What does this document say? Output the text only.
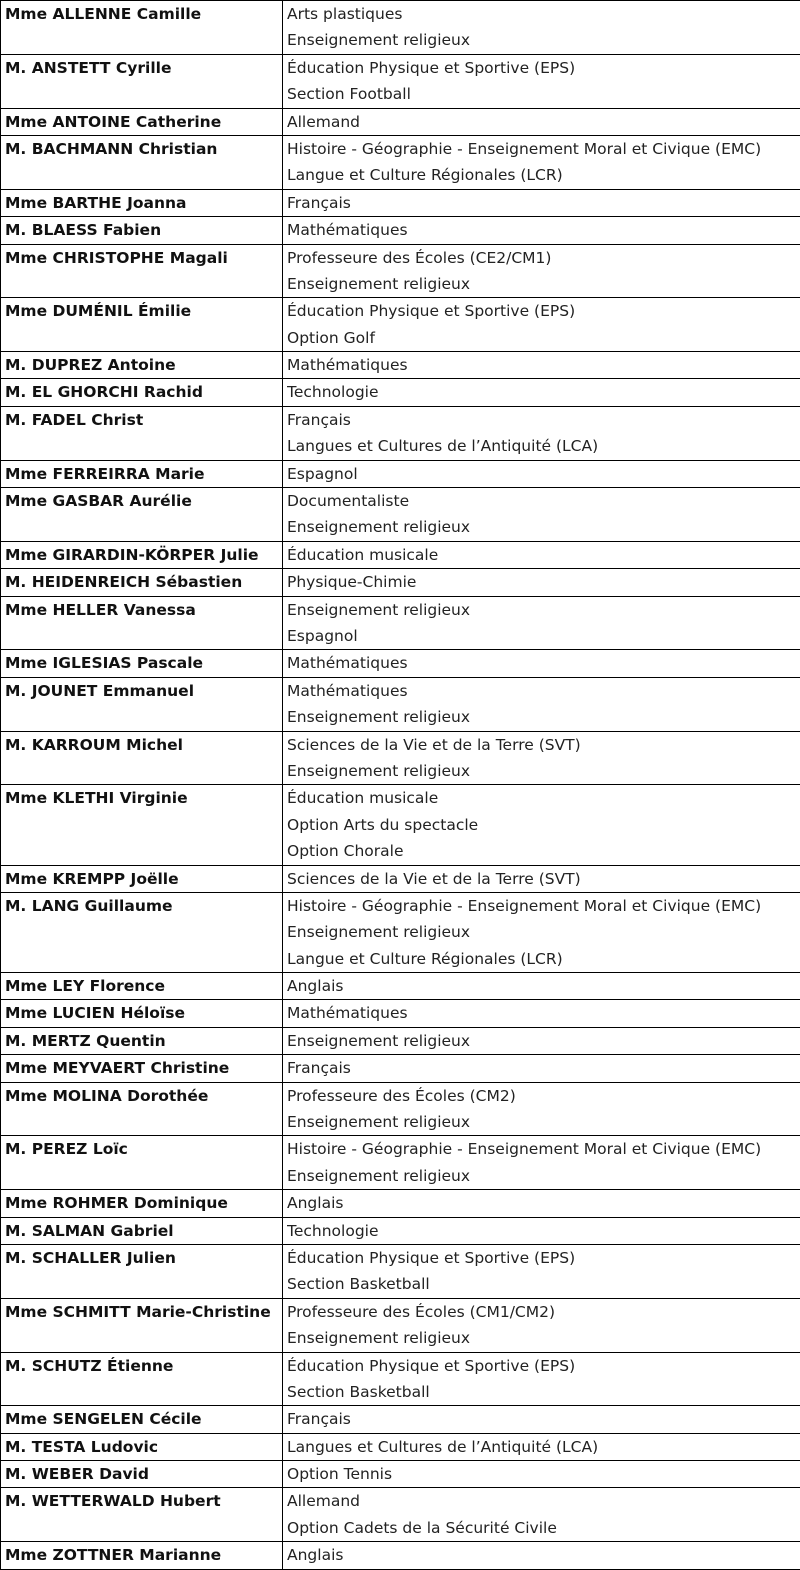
Mme ALLENNE Camille	Arts plastiques
Enseignement religieux

M. ANSTETT Cyrille	Éducation Physique et Sportive (EPS)
Section Football

Mme ANTOINE Catherine	Allemand

M. BACHMANN Christian	Histoire - Géographie - Enseignement Moral et Civique (EMC)
Langue et Culture Régionales (LCR)

Mme BARTHE Joanna	Français

M. BLAESS Fabien	Mathématiques

Mme CHRISTOPHE Magali	Professeure des Écoles (CE2/CM1)
Enseignement religieux

Mme DUMÉNIL Émilie	Éducation Physique et Sportive (EPS)
Option Golf

M. DUPREZ Antoine	Mathématiques

M. EL GHORCHI Rachid	Technologie

M. FADEL Christ	Français
Langues et Cultures de l’Antiquité (LCA)

Mme FERREIRRA Marie	Espagnol

Mme GASBAR Aurélie	Documentaliste
Enseignement religieux

Mme GIRARDIN-KÖRPER Julie	Éducation musicale

M. HEIDENREICH Sébastien	Physique-Chimie

Mme HELLER Vanessa	Enseignement religieux
Espagnol

Mme IGLESIAS Pascale	Mathématiques

M. JOUNET Emmanuel	Mathématiques
Enseignement religieux

M. KARROUM Michel	Sciences de la Vie et de la Terre (SVT)
Enseignement religieux

Mme KLETHI Virginie	Éducation musicale
Option Arts du spectacle
Option Chorale

Mme KREMPP Joëlle	Sciences de la Vie et de la Terre (SVT)

M. LANG Guillaume	Histoire - Géographie - Enseignement Moral et Civique (EMC)
Enseignement religieux
Langue et Culture Régionales (LCR)

Mme LEY Florence	Anglais

Mme LUCIEN Héloïse	Mathématiques

M. MERTZ Quentin	Enseignement religieux

Mme MEYVAERT Christine	Français

Mme MOLINA Dorothée	Professeure des Écoles (CM2)
Enseignement religieux

M. PEREZ Loïc	Histoire - Géographie - Enseignement Moral et Civique (EMC)
Enseignement religieux

Mme ROHMER Dominique	Anglais

M. SALMAN Gabriel	Technologie

M. SCHALLER Julien	Éducation Physique et Sportive (EPS)
Section Basketball

Mme SCHMITT Marie-Christine	Professeure des Écoles (CM1/CM2)
Enseignement religieux

M. SCHUTZ Étienne	Éducation Physique et Sportive (EPS)
Section Basketball

Mme SENGELEN Cécile	Français

M. TESTA Ludovic	Langues et Cultures de l’Antiquité (LCA)

M. WEBER David	Option Tennis

M. WETTERWALD Hubert	Allemand
Option Cadets de la Sécurité Civile

Mme ZOTTNER Marianne	Anglais
